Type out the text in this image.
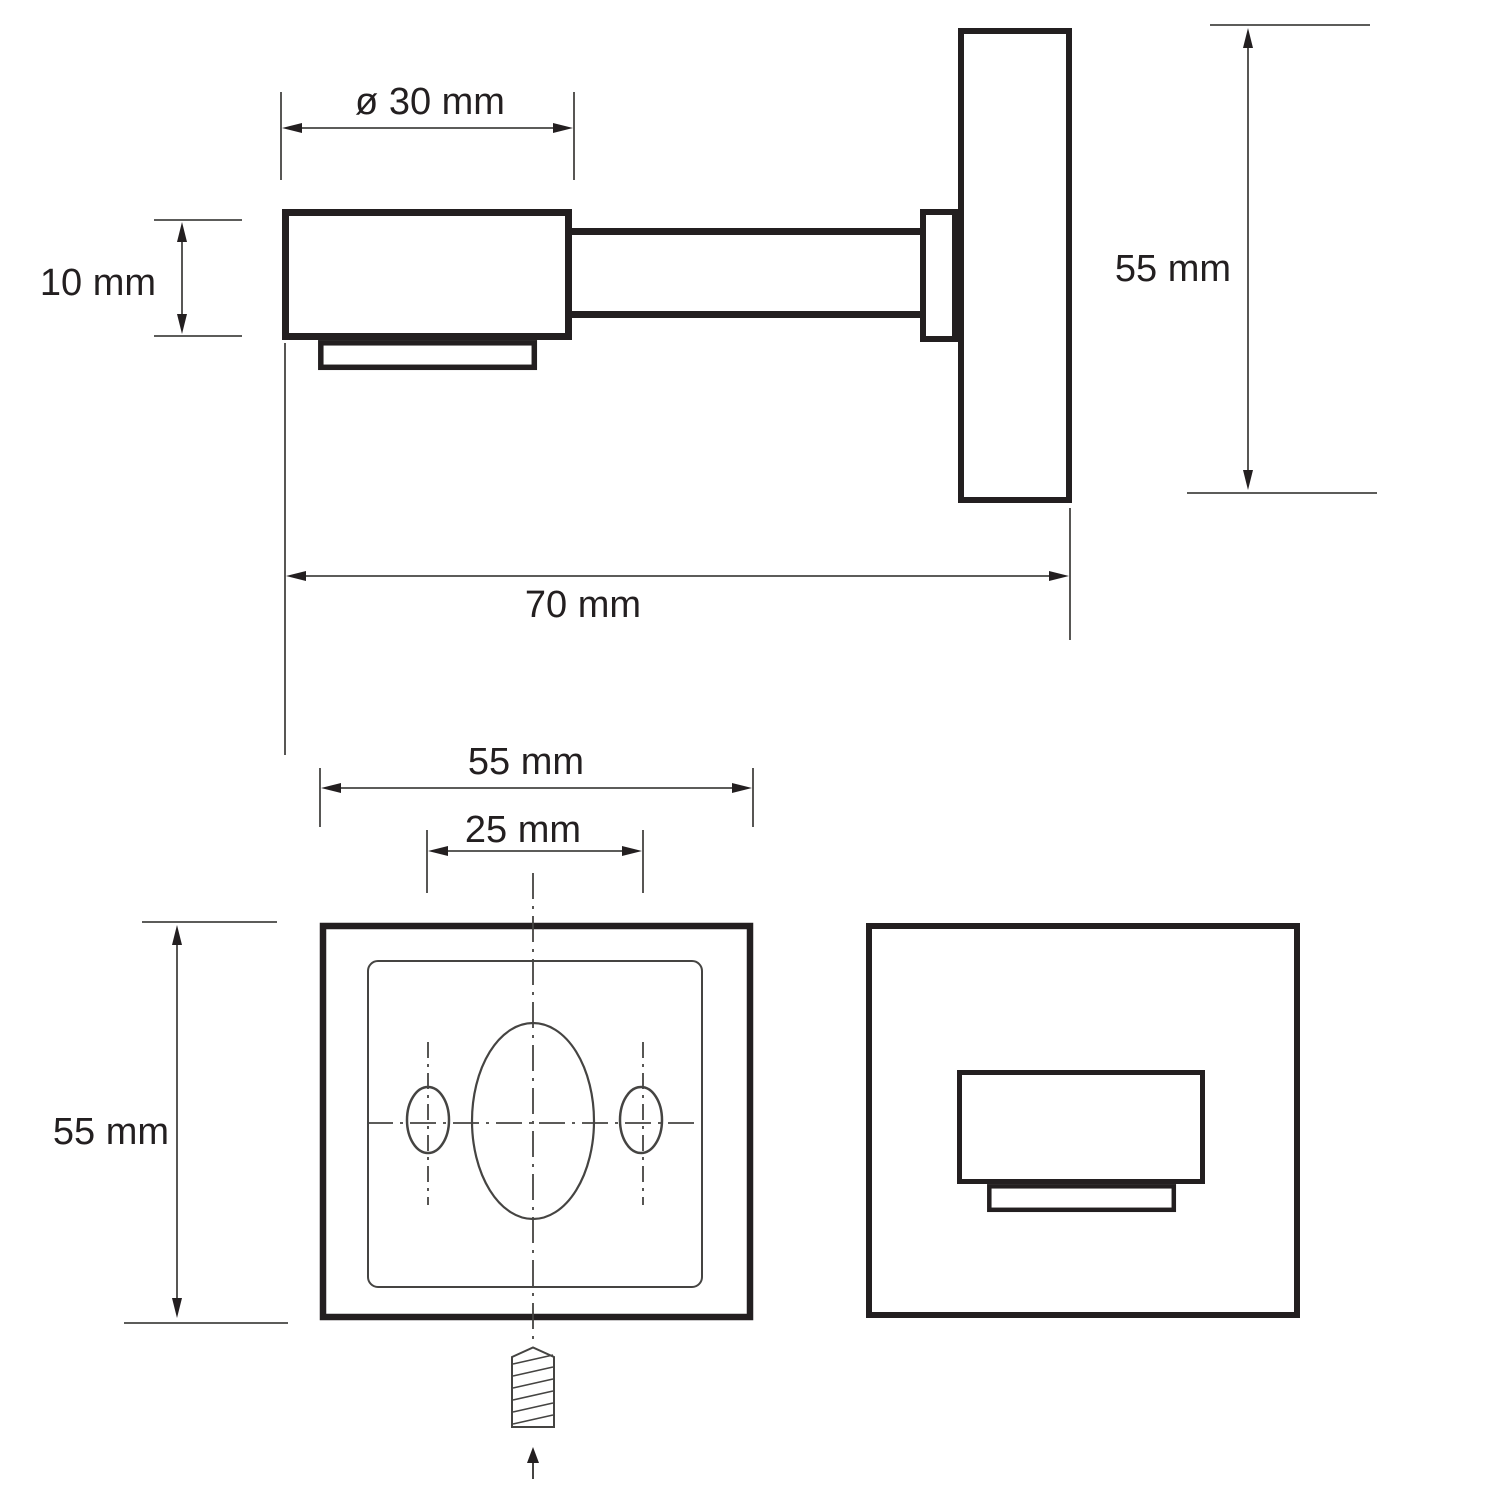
ø 30 mm
10 mm	55 mm
70 mm
55 mm
25 mm
55 mm
